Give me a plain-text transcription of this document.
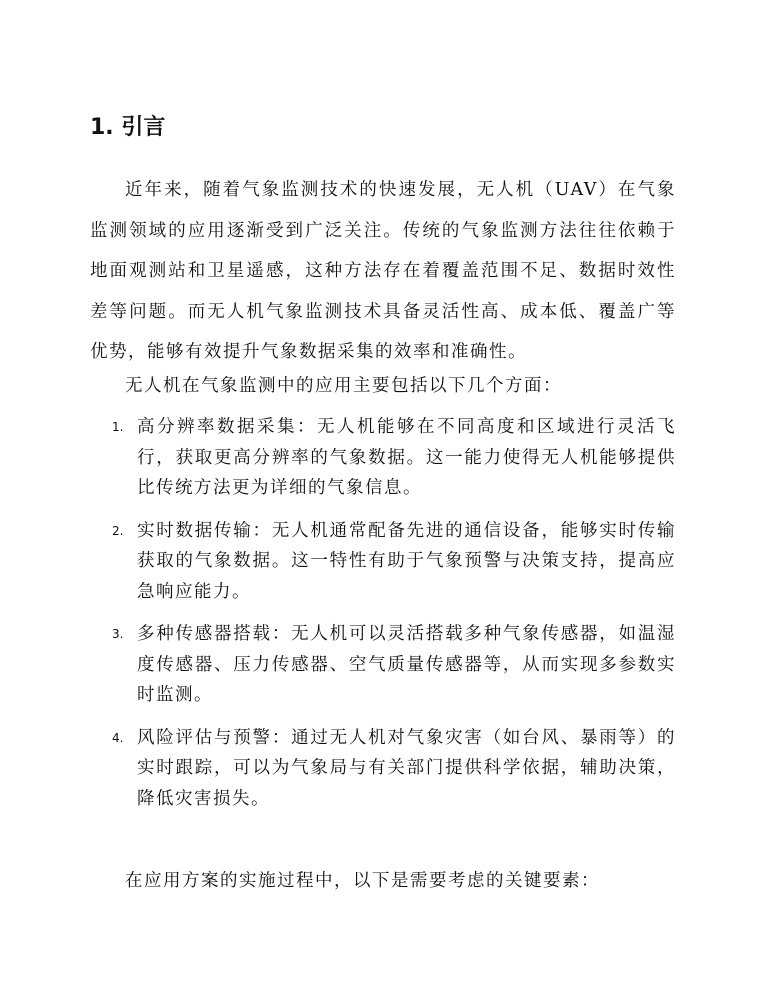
1. 引言

近年来，随着气象监测技术的快速发展，无人机（UAV）在气象监测领域的应用逐渐受到广泛关注。传统的气象监测方法往往依赖于地面观测站和卫星遥感，这种方法存在着覆盖范围不足、数据时效性差等问题。而无人机气象监测技术具备灵活性高、成本低、覆盖广等优势，能够有效提升气象数据采集的效率和准确性。

无人机在气象监测中的应用主要包括以下几个方面：

1. 高分辨率数据采集：无人机能够在不同高度和区域进行灵活飞行，获取更高分辨率的气象数据。这一能力使得无人机能够提供比传统方法更为详细的气象信息。
2. 实时数据传输：无人机通常配备先进的通信设备，能够实时传输获取的气象数据。这一特性有助于气象预警与决策支持，提高应急响应能力。
3. 多种传感器搭载：无人机可以灵活搭载多种气象传感器，如温湿度传感器、压力传感器、空气质量传感器等，从而实现多参数实时监测。
4. 风险评估与预警：通过无人机对气象灾害（如台风、暴雨等）的实时跟踪，可以为气象局与有关部门提供科学依据，辅助决策，降低灾害损失。

在应用方案的实施过程中，以下是需要考虑的关键要素：
